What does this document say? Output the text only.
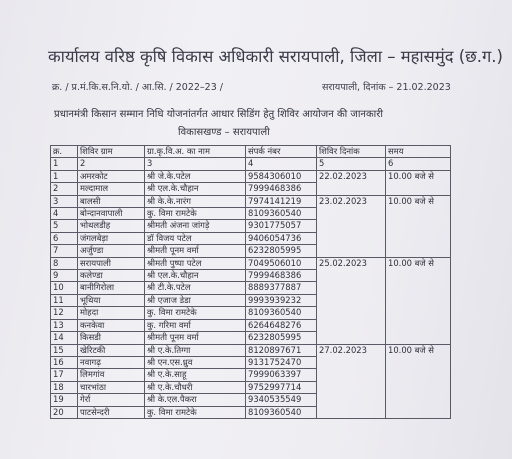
कार्यालय वरिष्ठ कृषि विकास अधिकारी सरायपाली, जिला – महासमुंद (छ.ग.)
क्र. / प्र.मं.कि.स.नि.यो. / आ.सि. / 2022–23 /	सरायपाली, दिनांक – 21.02.2023
प्रधानमंत्री किसान सम्मान निधि योजनांतर्गत आधार सिडिंग हेतु शिविर आयोजन की जानकारी
विकासखण्ड – सरायपाली
क्र.	शिविर ग्राम	ग्रा.कृ.वि.अ. का नाम	संपर्क नंबर	शिविर दिनांक	समय
1	2	3	4	5	6
1	अमरकोट	श्री जे.के.पटेल	9584306010	22.02.2023	10.00 बजे से
2	मल्दामाल	श्री एल.के.चौहान	7999468386		
3	बालसी	श्री के.के.नारंग	7974141219	23.02.2023	10.00 बजे से
4	बोन्दानवापाली	कु. विमा रामटेके	8109360540		
5	भोथलडीह	श्रीमती अंजना जांगड़े	9301775057		
6	जंगलबेड़ा	डॉ विजय पटेल	9406054736		
7	अर्जुण्डा	श्रीमती पूनम वर्मा	6232805995		
8	सरायपाली	श्रीमती पुष्पा पटेल	7049506010	25.02.2023	10.00 बजे से
9	कलेण्डा	श्री एल.के.चौहान	7999468386		
10	बानीगिरोला	श्री टी.के.पटेल	8889377887		
11	भूथिया	श्री एजाज डेडा	9993939232		
12	मोहदा	कु. विमा रामटेके	8109360540		
13	कनकेवा	कु. गरिमा वर्मा	6264648276		
14	किसडी	श्रीमती पूनम वर्मा	6232805995		
15	खेरिटकी	श्री ए.के.तिग्गा	8120897671	27.02.2023	10.00 बजे से
16	नवागढ़	श्री एन.एस.ध्रुव	9131752470		
17	लिमगांव	श्री ए.के.साहू	7999063397		
18	चारभांठा	श्री ए.के.चौधरी	9752997714		
19	गेर्रा	श्री के.एल.पैकरा	9340535549		
20	पाटसेन्दरी	कु. विमा रामटेके	8109360540		
